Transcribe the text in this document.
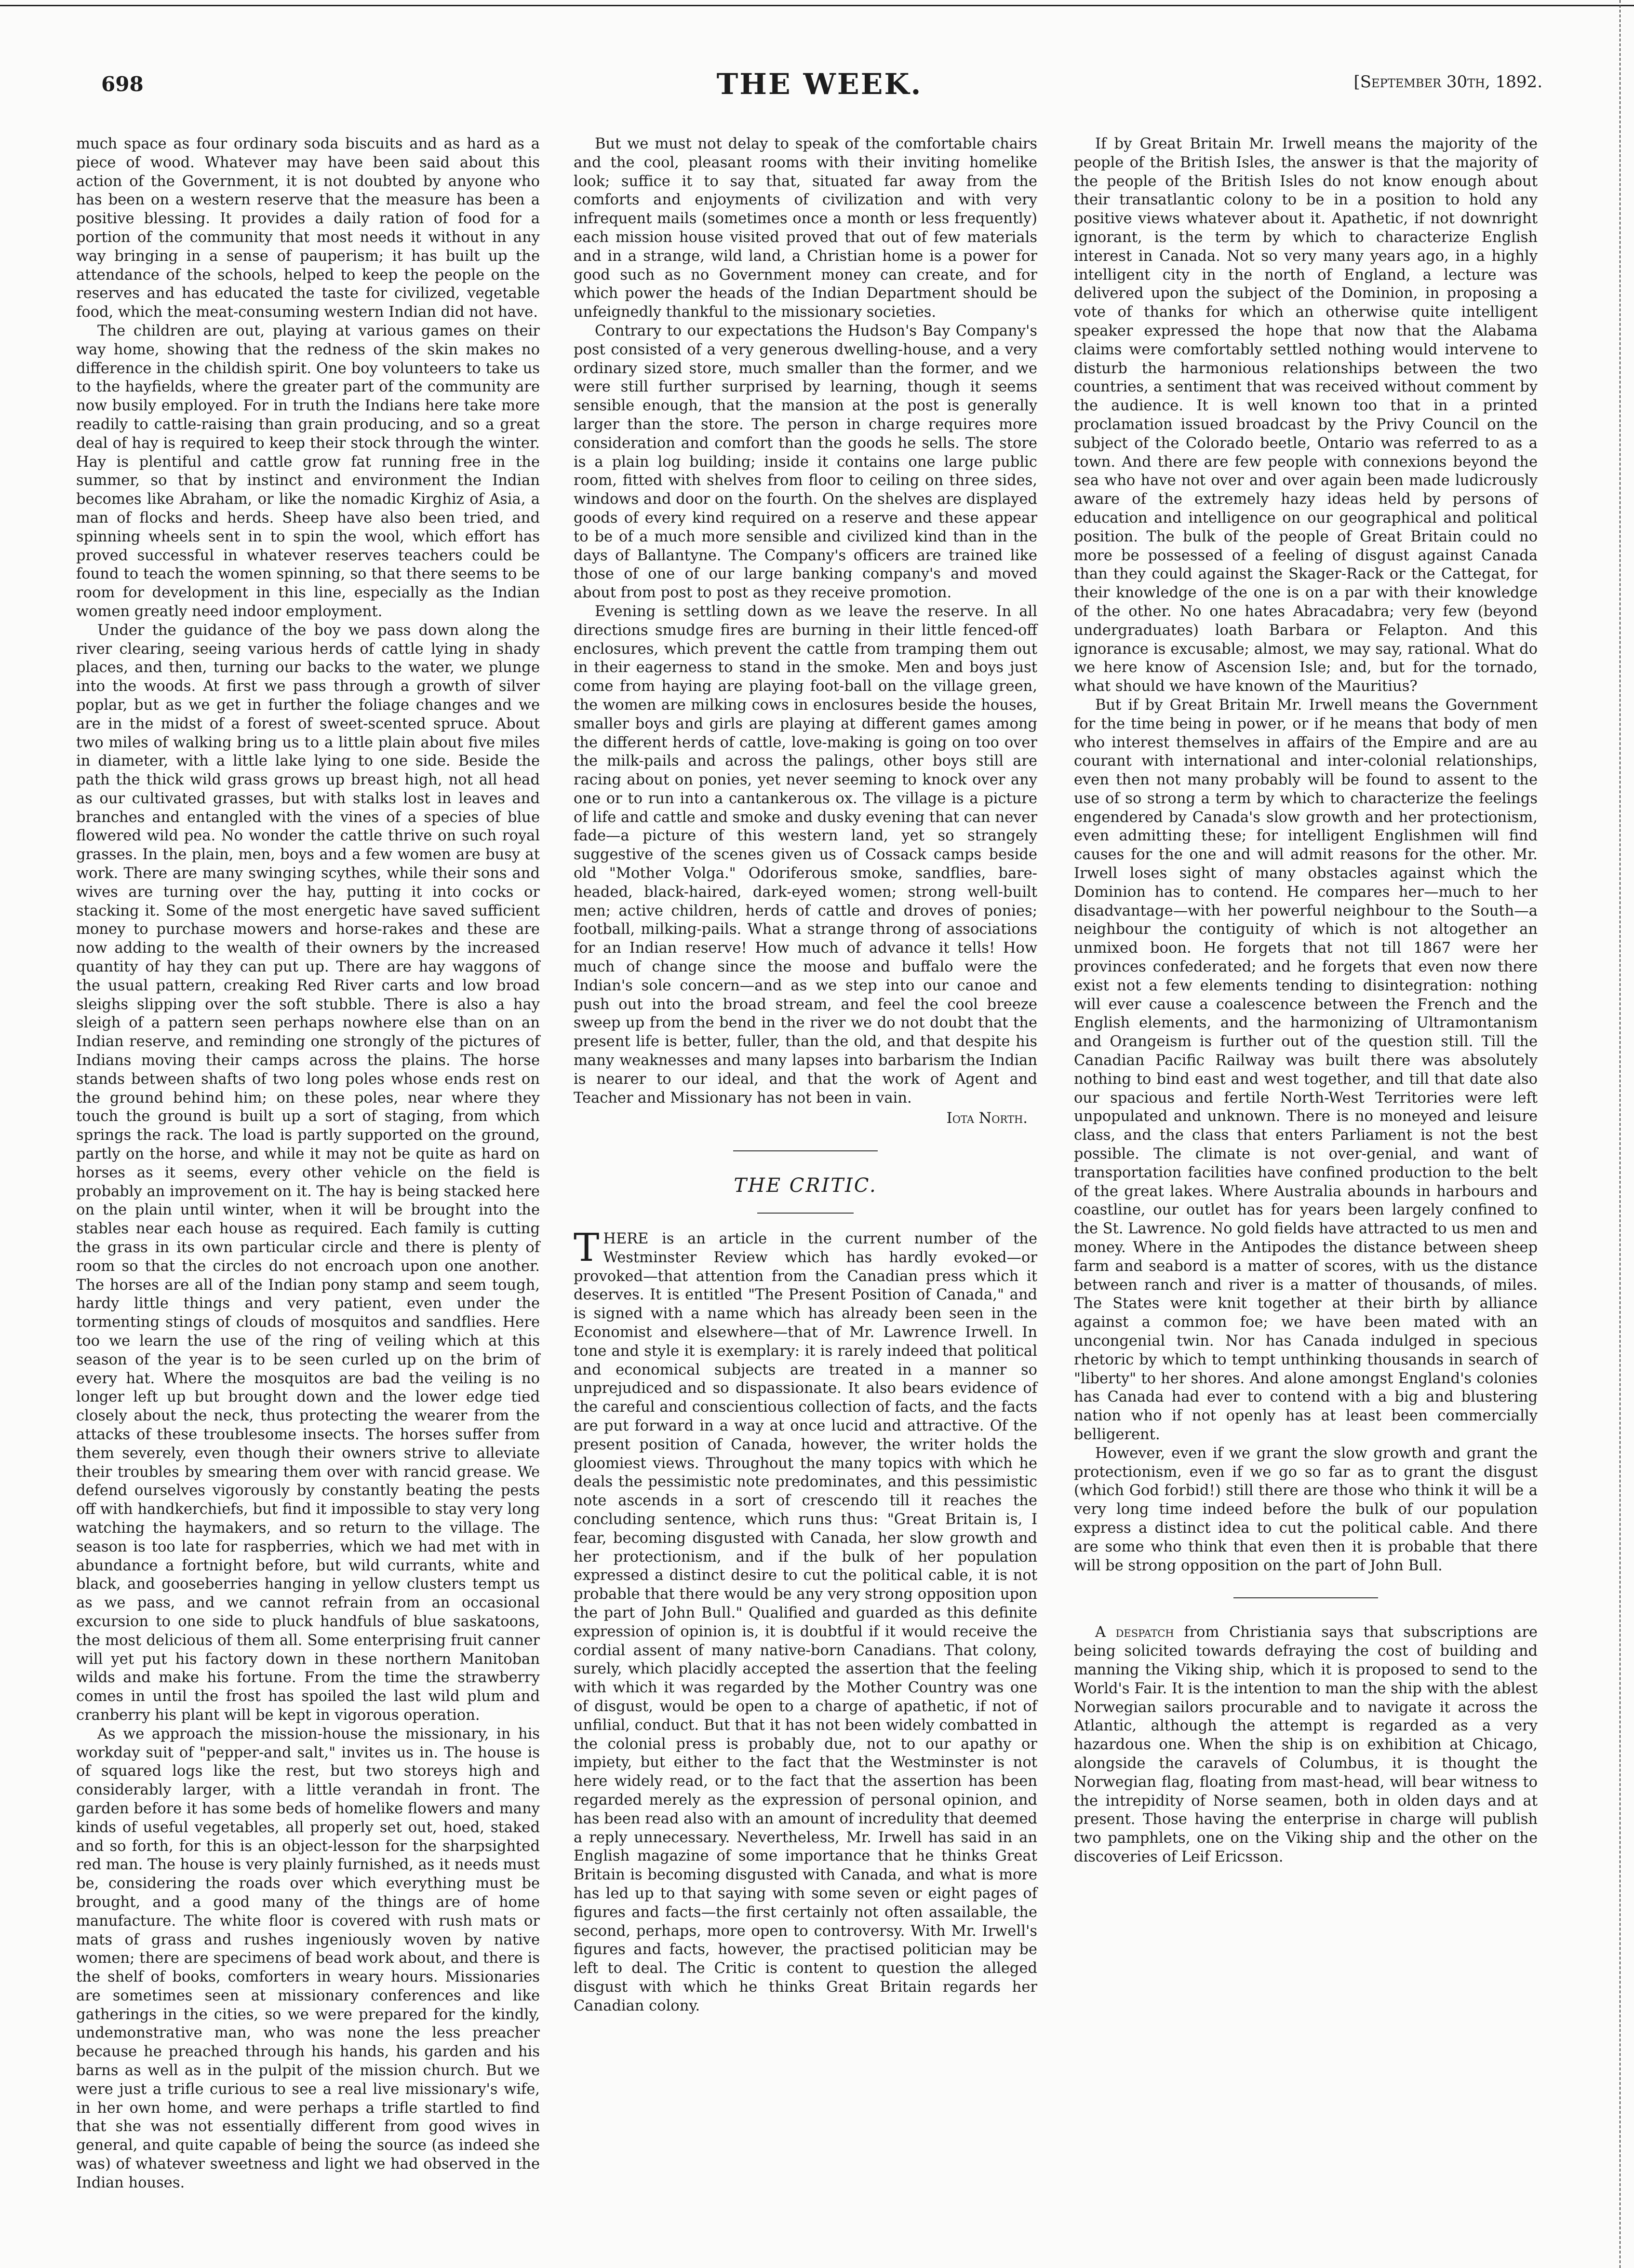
698	THE WEEK.	[September 30th, 1892.

much space as four ordinary soda biscuits and as hard as a piece of wood. Whatever may have been said about this action of the Government, it is not doubted by anyone who has been on a western reserve that the measure has been a positive blessing. It provides a daily ration of food for a portion of the community that most needs it without in any way bringing in a sense of pauperism; it has built up the attendance of the schools, helped to keep the people on the reserves and has educated the taste for civilized, vegetable food, which the meat-consuming western Indian did not have.

The children are out, playing at various games on their way home, showing that the redness of the skin makes no difference in the childish spirit. One boy volunteers to take us to the hayfields, where the greater part of the community are now busily employed. For in truth the Indians here take more readily to cattle-raising than grain producing, and so a great deal of hay is required to keep their stock through the winter. Hay is plentiful and cattle grow fat running free in the summer, so that by instinct and environment the Indian becomes like Abraham, or like the nomadic Kirghiz of Asia, a man of flocks and herds. Sheep have also been tried, and spinning wheels sent in to spin the wool, which effort has proved successful in whatever reserves teachers could be found to teach the women spinning, so that there seems to be room for development in this line, especially as the Indian women greatly need indoor employment.

Under the guidance of the boy we pass down along the river clearing, seeing various herds of cattle lying in shady places, and then, turning our backs to the water, we plunge into the woods. At first we pass through a growth of silver poplar, but as we get in further the foliage changes and we are in the midst of a forest of sweet-scented spruce. About two miles of walking bring us to a little plain about five miles in diameter, with a little lake lying to one side. Beside the path the thick wild grass grows up breast high, not all head as our cultivated grasses, but with stalks lost in leaves and branches and entangled with the vines of a species of blue flowered wild pea. No wonder the cattle thrive on such royal grasses. In the plain, men, boys and a few women are busy at work. There are many swinging scythes, while their sons and wives are turning over the hay, putting it into cocks or stacking it. Some of the most energetic have saved sufficient money to purchase mowers and horse-rakes and these are now adding to the wealth of their owners by the increased quantity of hay they can put up. There are hay waggons of the usual pattern, creaking Red River carts and low broad sleighs slipping over the soft stubble. There is also a hay sleigh of a pattern seen perhaps nowhere else than on an Indian reserve, and reminding one strongly of the pictures of Indians moving their camps across the plains. The horse stands between shafts of two long poles whose ends rest on the ground behind him; on these poles, near where they touch the ground is built up a sort of staging, from which springs the rack. The load is partly supported on the ground, partly on the horse, and while it may not be quite as hard on horses as it seems, every other vehicle on the field is probably an improvement on it. The hay is being stacked here on the plain until winter, when it will be brought into the stables near each house as required. Each family is cutting the grass in its own particular circle and there is plenty of room so that the circles do not encroach upon one another. The horses are all of the Indian pony stamp and seem tough, hardy little things and very patient, even under the tormenting stings of clouds of mosquitos and sandflies. Here too we learn the use of the ring of veiling which at this season of the year is to be seen curled up on the brim of every hat. Where the mosquitos are bad the veiling is no longer left up but brought down and the lower edge tied closely about the neck, thus protecting the wearer from the attacks of these troublesome insects. The horses suffer from them severely, even though their owners strive to alleviate their troubles by smearing them over with rancid grease. We defend ourselves vigorously by constantly beating the pests off with handkerchiefs, but find it impossible to stay very long watching the haymakers, and so return to the village. The season is too late for raspberries, which we had met with in abundance a fortnight before, but wild currants, white and black, and gooseberries hanging in yellow clusters tempt us as we pass, and we cannot refrain from an occasional excursion to one side to pluck handfuls of blue saskatoons, the most delicious of them all. Some enterprising fruit canner will yet put his factory down in these northern Manitoban wilds and make his fortune. From the time the strawberry comes in until the frost has spoiled the last wild plum and cranberry his plant will be kept in vigorous operation.

As we approach the mission-house the missionary, in his workday suit of "pepper-and salt," invites us in. The house is of squared logs like the rest, but two storeys high and considerably larger, with a little verandah in front. The garden before it has some beds of homelike flowers and many kinds of useful vegetables, all properly set out, hoed, staked and so forth, for this is an object-lesson for the sharpsighted red man. The house is very plainly furnished, as it needs must be, considering the roads over which everything must be brought, and a good many of the things are of home manufacture. The white floor is covered with rush mats or mats of grass and rushes ingeniously woven by native women; there are specimens of bead work about, and there is the shelf of books, comforters in weary hours. Missionaries are sometimes seen at missionary conferences and like gatherings in the cities, so we were prepared for the kindly, undemonstrative man, who was none the less preacher because he preached through his hands, his garden and his barns as well as in the pulpit of the mission church. But we were just a trifle curious to see a real live missionary's wife, in her own home, and were perhaps a trifle startled to find that she was not essentially different from good wives in general, and quite capable of being the source (as indeed she was) of whatever sweetness and light we had observed in the Indian houses.

But we must not delay to speak of the comfortable chairs and the cool, pleasant rooms with their inviting homelike look; suffice it to say that, situated far away from the comforts and enjoyments of civilization and with very infrequent mails (sometimes once a month or less frequently) each mission house visited proved that out of few materials and in a strange, wild land, a Christian home is a power for good such as no Government money can create, and for which power the heads of the Indian Department should be unfeignedly thankful to the missionary societies.

Contrary to our expectations the Hudson's Bay Company's post consisted of a very generous dwelling-house, and a very ordinary sized store, much smaller than the former, and we were still further surprised by learning, though it seems sensible enough, that the mansion at the post is generally larger than the store. The person in charge requires more consideration and comfort than the goods he sells. The store is a plain log building; inside it contains one large public room, fitted with shelves from floor to ceiling on three sides, windows and door on the fourth. On the shelves are displayed goods of every kind required on a reserve and these appear to be of a much more sensible and civilized kind than in the days of Ballantyne. The Company's officers are trained like those of one of our large banking company's and moved about from post to post as they receive promotion.

Evening is settling down as we leave the reserve. In all directions smudge fires are burning in their little fenced-off enclosures, which prevent the cattle from tramping them out in their eagerness to stand in the smoke. Men and boys just come from haying are playing foot-ball on the village green, the women are milking cows in enclosures beside the houses, smaller boys and girls are playing at different games among the different herds of cattle, love-making is going on too over the milk-pails and across the palings, other boys still are racing about on ponies, yet never seeming to knock over any one or to run into a cantankerous ox. The village is a picture of life and cattle and smoke and dusky evening that can never fade—a picture of this western land, yet so strangely suggestive of the scenes given us of Cossack camps beside old "Mother Volga." Odoriferous smoke, sandflies, bare-headed, black-haired, dark-eyed women; strong well-built men; active children, herds of cattle and droves of ponies; football, milking-pails. What a strange throng of associations for an Indian reserve! How much of advance it tells! How much of change since the moose and buffalo were the Indian's sole concern—and as we step into our canoe and push out into the broad stream, and feel the cool breeze sweep up from the bend in the river we do not doubt that the present life is better, fuller, than the old, and that despite his many weaknesses and many lapses into barbarism the Indian is nearer to our ideal, and that the work of Agent and Teacher and Missionary has not been in vain.

Iota North.
THE CRITIC.

THERE is an article in the current number of the Westminster Review which has hardly evoked—or provoked—that attention from the Canadian press which it deserves. It is entitled "The Present Position of Canada," and is signed with a name which has already been seen in the Economist and elsewhere—that of Mr. Lawrence Irwell. In tone and style it is exemplary: it is rarely indeed that political and economical subjects are treated in a manner so unprejudiced and so dispassionate. It also bears evidence of the careful and conscientious collection of facts, and the facts are put forward in a way at once lucid and attractive. Of the present position of Canada, however, the writer holds the gloomiest views. Throughout the many topics with which he deals the pessimistic note predominates, and this pessimistic note ascends in a sort of crescendo till it reaches the concluding sentence, which runs thus: "Great Britain is, I fear, becoming disgusted with Canada, her slow growth and her protectionism, and if the bulk of her population expressed a distinct desire to cut the political cable, it is not probable that there would be any very strong opposition upon the part of John Bull." Qualified and guarded as this definite expression of opinion is, it is doubtful if it would receive the cordial assent of many native-born Canadians. That colony, surely, which placidly accepted the assertion that the feeling with which it was regarded by the Mother Country was one of disgust, would be open to a charge of apathetic, if not of unfilial, conduct. But that it has not been widely combatted in the colonial press is probably due, not to our apathy or impiety, but either to the fact that the Westminster is not here widely read, or to the fact that the assertion has been regarded merely as the expression of personal opinion, and has been read also with an amount of incredulity that deemed a reply unnecessary. Nevertheless, Mr. Irwell has said in an English magazine of some importance that he thinks Great Britain is becoming disgusted with Canada, and what is more has led up to that saying with some seven or eight pages of figures and facts—the first certainly not often assailable, the second, perhaps, more open to controversy. With Mr. Irwell's figures and facts, however, the practised politician may be left to deal. The Critic is content to question the alleged disgust with which he thinks Great Britain regards her Canadian colony.

If by Great Britain Mr. Irwell means the majority of the people of the British Isles, the answer is that the majority of the people of the British Isles do not know enough about their transatlantic colony to be in a position to hold any positive views whatever about it. Apathetic, if not downright ignorant, is the term by which to characterize English interest in Canada. Not so very many years ago, in a highly intelligent city in the north of England, a lecture was delivered upon the subject of the Dominion, in proposing a vote of thanks for which an otherwise quite intelligent speaker expressed the hope that now that the Alabama claims were comfortably settled nothing would intervene to disturb the harmonious relationships between the two countries, a sentiment that was received without comment by the audience. It is well known too that in a printed proclamation issued broadcast by the Privy Council on the subject of the Colorado beetle, Ontario was referred to as a town. And there are few people with connexions beyond the sea who have not over and over again been made ludicrously aware of the extremely hazy ideas held by persons of education and intelligence on our geographical and political position. The bulk of the people of Great Britain could no more be possessed of a feeling of disgust against Canada than they could against the Skager-Rack or the Cattegat, for their knowledge of the one is on a par with their knowledge of the other. No one hates Abracadabra; very few (beyond undergraduates) loath Barbara or Felapton. And this ignorance is excusable; almost, we may say, rational. What do we here know of Ascension Isle; and, but for the tornado, what should we have known of the Mauritius?

But if by Great Britain Mr. Irwell means the Government for the time being in power, or if he means that body of men who interest themselves in affairs of the Empire and are au courant with international and inter-colonial relationships, even then not many probably will be found to assent to the use of so strong a term by which to characterize the feelings engendered by Canada's slow growth and her protectionism, even admitting these; for intelligent Englishmen will find causes for the one and will admit reasons for the other. Mr. Irwell loses sight of many obstacles against which the Dominion has to contend. He compares her—much to her disadvantage—with her powerful neighbour to the South—a neighbour the contiguity of which is not altogether an unmixed boon. He forgets that not till 1867 were her provinces confederated; and he forgets that even now there exist not a few elements tending to disintegration: nothing will ever cause a coalescence between the French and the English elements, and the harmonizing of Ultramontanism and Orangeism is further out of the question still. Till the Canadian Pacific Railway was built there was absolutely nothing to bind east and west together, and till that date also our spacious and fertile North-West Territories were left unpopulated and unknown. There is no moneyed and leisure class, and the class that enters Parliament is not the best possible. The climate is not over-genial, and want of transportation facilities have confined production to the belt of the great lakes. Where Australia abounds in harbours and coastline, our outlet has for years been largely confined to the St. Lawrence. No gold fields have attracted to us men and money. Where in the Antipodes the distance between sheep farm and seabord is a matter of scores, with us the distance between ranch and river is a matter of thousands, of miles. The States were knit together at their birth by alliance against a common foe; we have been mated with an uncongenial twin. Nor has Canada indulged in specious rhetoric by which to tempt unthinking thousands in search of "liberty" to her shores. And alone amongst England's colonies has Canada had ever to contend with a big and blustering nation who if not openly has at least been commercially belligerent.

However, even if we grant the slow growth and grant the protectionism, even if we go so far as to grant the disgust (which God forbid!) still there are those who think it will be a very long time indeed before the bulk of our population express a distinct idea to cut the political cable. And there are some who think that even then it is probable that there will be strong opposition on the part of John Bull.

A despatch from Christiania says that subscriptions are being solicited towards defraying the cost of building and manning the Viking ship, which it is proposed to send to the World's Fair. It is the intention to man the ship with the ablest Norwegian sailors procurable and to navigate it across the Atlantic, although the attempt is regarded as a very hazardous one. When the ship is on exhibition at Chicago, alongside the caravels of Columbus, it is thought the Norwegian flag, floating from mast-head, will bear witness to the intrepidity of Norse seamen, both in olden days and at present. Those having the enterprise in charge will publish two pamphlets, one on the Viking ship and the other on the discoveries of Leif Ericsson.
